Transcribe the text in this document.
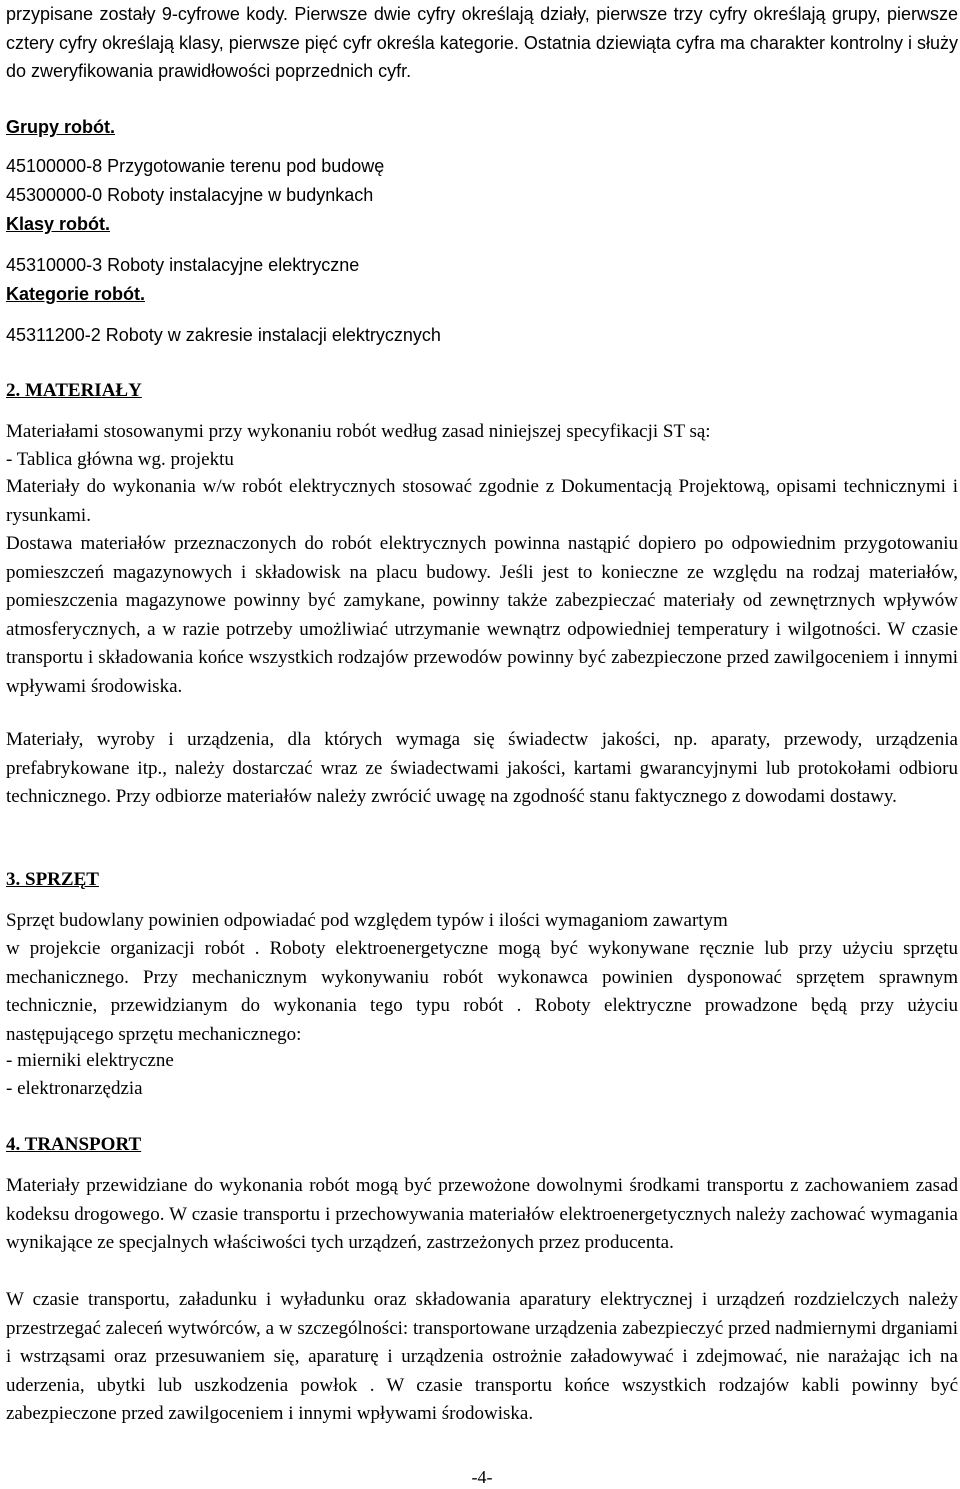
przypisane zostały 9-cyfrowe kody. Pierwsze dwie cyfry określają działy, pierwsze trzy cyfry określają grupy, pierwsze cztery cyfry określają klasy, pierwsze pięć cyfr określa kategorie. Ostatnia dziewiąta cyfra ma charakter kontrolny i służy do zweryfikowania prawidłowości poprzednich cyfr.

Grupy robót.

45100000-8 Przygotowanie terenu pod budowę

45300000-0 Roboty instalacyjne w budynkach

Klasy robót.

45310000-3 Roboty instalacyjne elektryczne

Kategorie robót.

45311200-2 Roboty w zakresie instalacji elektrycznych

2. MATERIAŁY

Materiałami stosowanymi przy wykonaniu robót według zasad niniejszej specyfikacji ST są:

- Tablica główna wg. projektu

Materiały do wykonania w/w robót elektrycznych stosować zgodnie z Dokumentacją Projektową, opisami technicznymi i rysunkami.

Dostawa materiałów przeznaczonych do robót elektrycznych powinna nastąpić dopiero po odpowiednim przygotowaniu pomieszczeń magazynowych i składowisk na placu budowy. Jeśli jest to konieczne ze względu na rodzaj materiałów, pomieszczenia magazynowe powinny być zamykane, powinny także zabezpieczać materiały od zewnętrznych wpływów atmosferycznych, a w razie potrzeby umożliwiać utrzymanie wewnątrz odpowiedniej temperatury i wilgotności. W czasie transportu i składowania końce wszystkich rodzajów przewodów powinny być zabezpieczone przed zawilgoceniem i innymi wpływami środowiska.

Materiały, wyroby i urządzenia, dla których wymaga się świadectw jakości, np. aparaty, przewody, urządzenia prefabrykowane itp., należy dostarczać wraz ze świadectwami jakości, kartami gwarancyjnymi lub protokołami odbioru technicznego. Przy odbiorze materiałów należy zwrócić uwagę na zgodność stanu faktycznego z dowodami dostawy.

3. SPRZĘT

Sprzęt budowlany powinien odpowiadać pod względem typów i ilości wymaganiom zawartym

w projekcie organizacji robót . Roboty elektroenergetyczne mogą być wykonywane ręcznie lub przy użyciu sprzętu mechanicznego. Przy mechanicznym wykonywaniu robót wykonawca powinien dysponować sprzętem sprawnym technicznie, przewidzianym do wykonania tego typu robót . Roboty elektryczne prowadzone będą przy użyciu następującego sprzętu mechanicznego:

- mierniki elektryczne

- elektronarzędzia

4. TRANSPORT

Materiały przewidziane do wykonania robót mogą być przewożone dowolnymi środkami transportu z zachowaniem zasad kodeksu drogowego. W czasie transportu i przechowywania materiałów elektroenergetycznych należy zachować wymagania wynikające ze specjalnych właściwości tych urządzeń, zastrzeżonych przez producenta.

W czasie transportu, załadunku i wyładunku oraz składowania aparatury elektrycznej i urządzeń rozdzielczych należy przestrzegać zaleceń wytwórców, a w szczególności: transportowane urządzenia zabezpieczyć przed nadmiernymi drganiami i wstrząsami oraz przesuwaniem się, aparaturę i urządzenia ostrożnie załadowywać i zdejmować, nie narażając ich na uderzenia, ubytki lub uszkodzenia powłok . W czasie transportu końce wszystkich rodzajów kabli powinny być zabezpieczone przed zawilgoceniem i innymi wpływami środowiska.

-4-
